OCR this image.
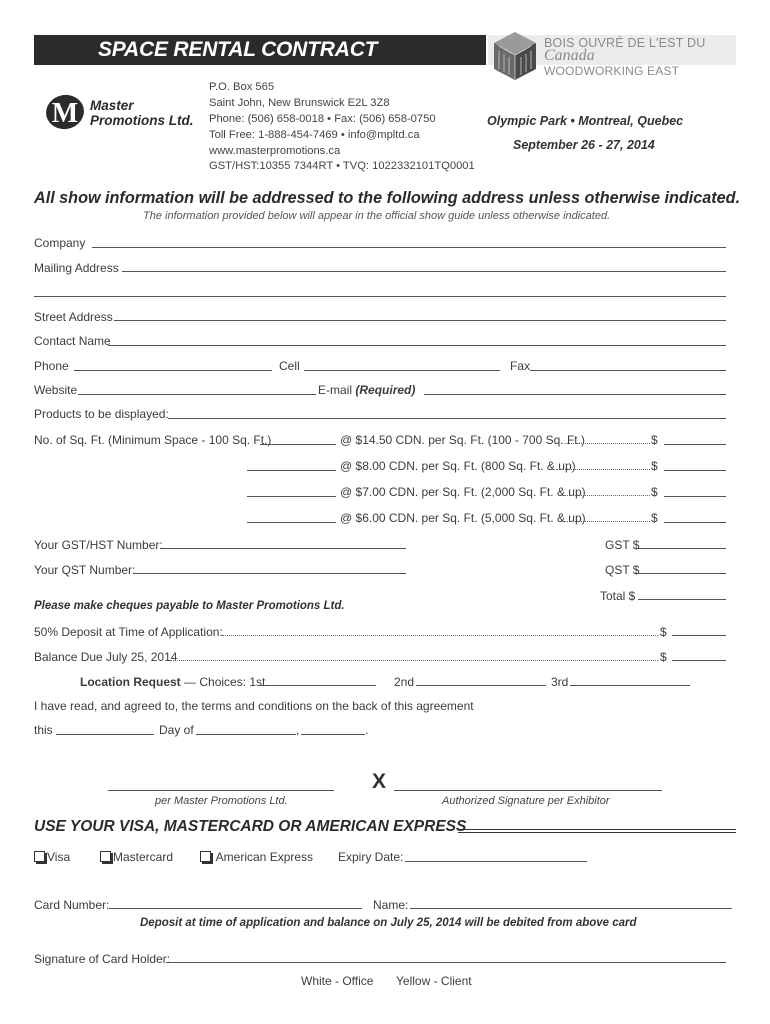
SPACE RENTAL CONTRACT	BOIS OUVRÉ DE L'EST DU
Canada
WOODWORKING EAST
M Master
Promotions Ltd.
P.O. Box 565
Saint John, New Brunswick E2L 3Z8
Phone: (506) 658-0018 • Fax: (506) 658-0750
Toll Free: 1-888-454-7469 • info@mpltd.ca
www.masterpromotions.ca
GST/HST:10355 7344RT • TVQ: 1022332101TQ0001
Olympic Park • Montreal, Quebec
September 26 - 27, 2014
All show information will be addressed to the following address unless otherwise indicated.
The information provided below will appear in the official show guide unless otherwise indicated.
Company
Mailing Address
Street Address
Contact Name
Phone	Cell	Fax
Website	E-mail (Required)
Products to be displayed:
No. of Sq. Ft. (Minimum Space - 100 Sq. Ft.)	@ $14.50 CDN. per Sq. Ft. (100 - 700 Sq. Ft.)	$
@ $8.00 CDN. per Sq. Ft. (800 Sq. Ft. & up)	$
@ $7.00 CDN. per Sq. Ft. (2,000 Sq. Ft. & up)	$
@ $6.00 CDN. per Sq. Ft. (5,000 Sq. Ft. & up)	$
Your GST/HST Number:	GST $
Your QST Number:	QST $
Total $
Please make cheques payable to Master Promotions Ltd.
50% Deposit at Time of Application:	$
Balance Due July 25, 2014	$
Location Request — Choices: 1st	2nd	3rd
I have read, and agreed to, the terms and conditions on the back of this agreement
this	Day of	,	.
X
per Master Promotions Ltd.	Authorized Signature per Exhibitor
USE YOUR VISA, MASTERCARD OR AMERICAN EXPRESS
Visa	Mastercard	American Express Expiry Date:
Card Number:	Name:
Deposit at time of application and balance on July 25, 2014 will be debited from above card
Signature of Card Holder:
White - Office Yellow - Client
